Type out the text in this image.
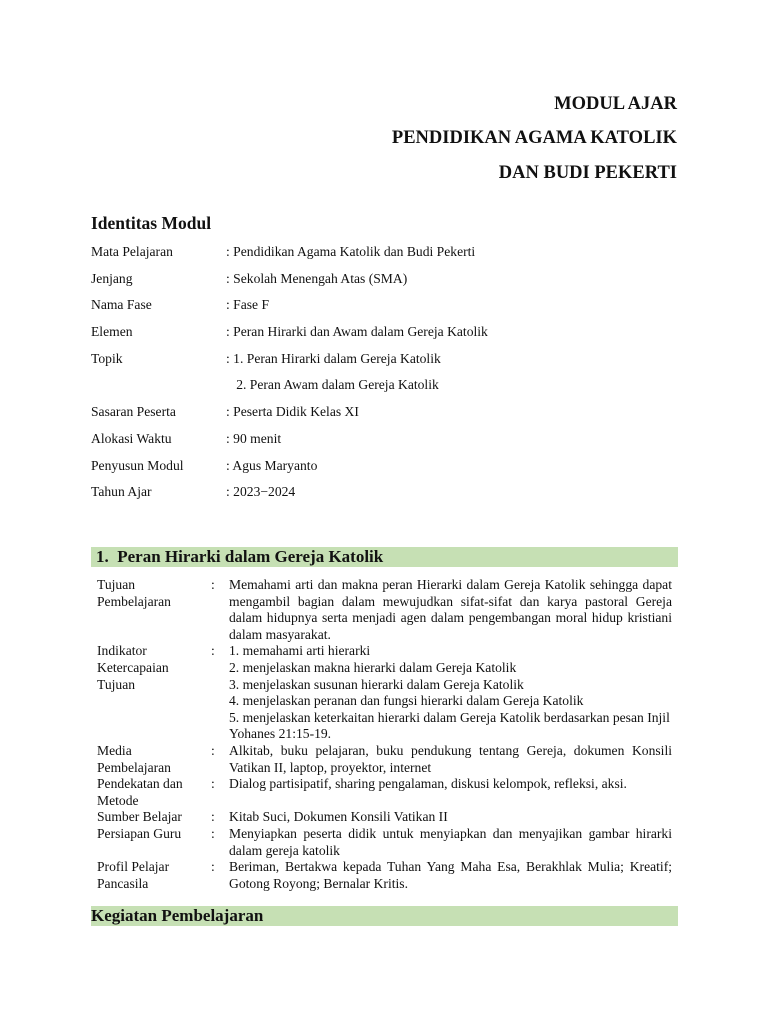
MODUL AJAR
PENDIDIKAN AGAMA KATOLIK
DAN BUDI PEKERTI
Identitas Modul
Mata Pelajaran	: Pendidikan Agama Katolik dan Budi Pekerti
Jenjang	: Sekolah Menengah Atas (SMA)
Nama Fase	: Fase F
Elemen	: Peran Hirarki dan Awam dalam Gereja Katolik
Topik	: 1. Peran Hirarki dalam Gereja Katolik
2. Peran Awam dalam Gereja Katolik
Sasaran Peserta	: Peserta Didik Kelas XI
Alokasi Waktu	: 90 menit
Penyusun Modul	: Agus Maryanto
Tahun Ajar	: 2023−2024
1.  Peran Hirarki dalam Gereja Katolik
Tujuan Pembelajaran
: Memahami arti dan makna peran Hierarki dalam Gereja Katolik sehingga dapat mengambil bagian dalam mewujudkan sifat-sifat dan karya pastoral Gereja dalam hidupnya serta menjadi agen dalam pengembangan moral hidup kristiani dalam masyarakat.
Indikator Ketercapaian Tujuan
: 1. memahami arti hierarki
2. menjelaskan makna hierarki dalam Gereja Katolik
3. menjelaskan susunan hierarki dalam Gereja Katolik
4. menjelaskan peranan dan fungsi hierarki dalam Gereja Katolik
5. menjelaskan keterkaitan hierarki dalam Gereja Katolik berdasarkan pesan Injil Yohanes 21:15-19.
Media Pembelajaran
: Alkitab, buku pelajaran, buku pendukung tentang Gereja, dokumen Konsili Vatikan II, laptop, proyektor, internet
Pendekatan dan Metode
: Dialog partisipatif, sharing pengalaman, diskusi kelompok, refleksi, aksi.
Sumber Belajar	: Kitab Suci, Dokumen Konsili Vatikan II
Persiapan Guru	: Menyiapkan peserta didik untuk menyiapkan dan menyajikan gambar hirarki dalam gereja katolik
Profil Pelajar Pancasila
: Beriman, Bertakwa kepada Tuhan Yang Maha Esa, Berakhlak Mulia; Kreatif; Gotong Royong; Bernalar Kritis.
Kegiatan Pembelajaran
